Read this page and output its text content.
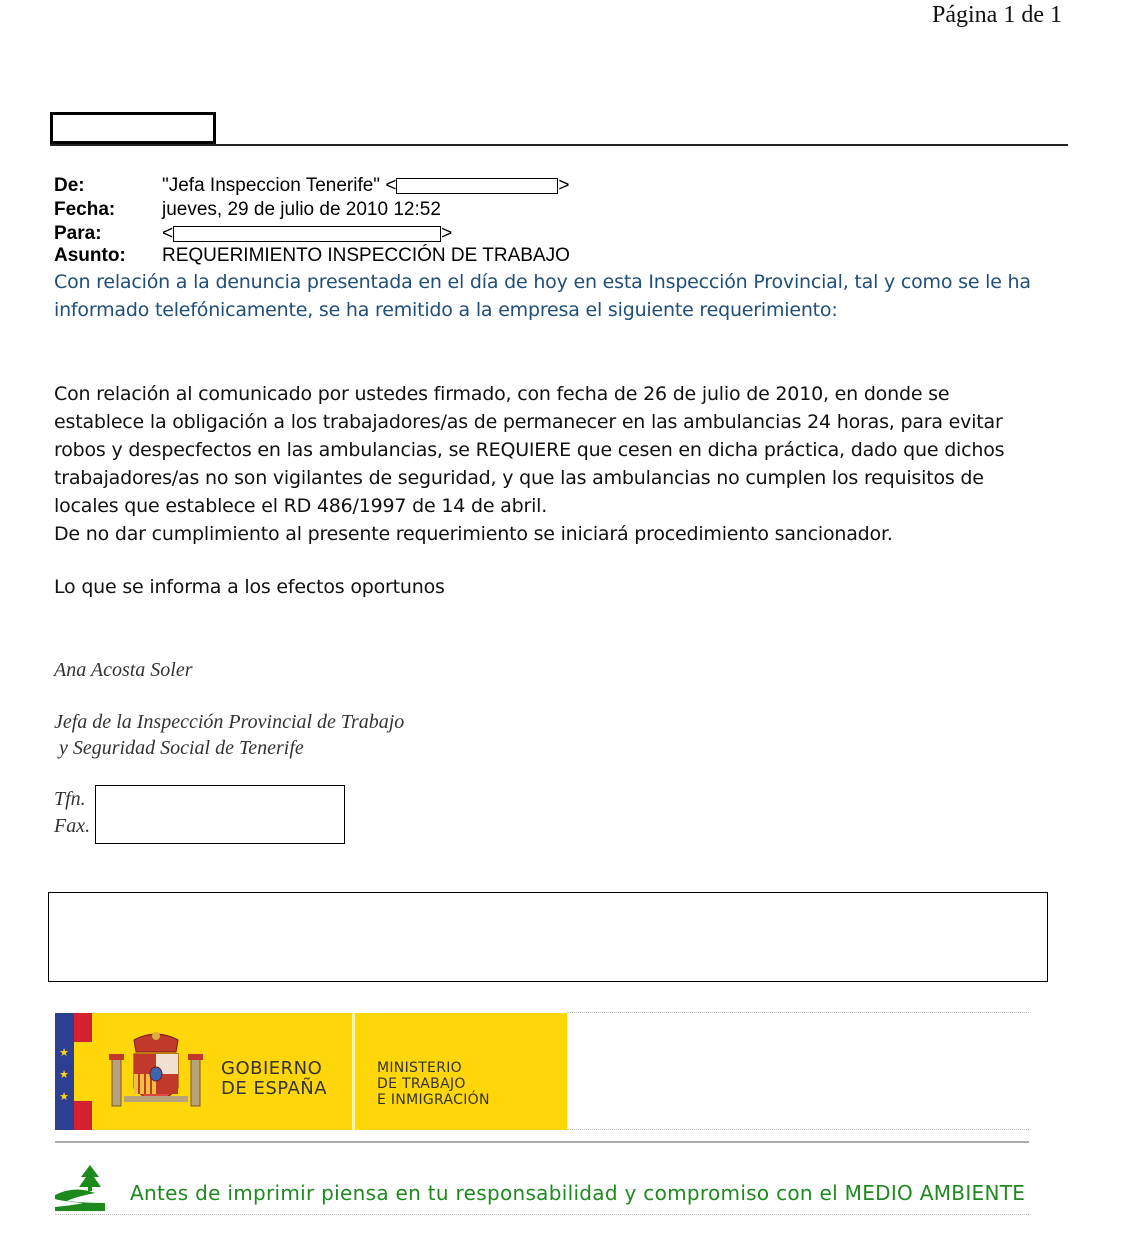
Página 1 de 1
De:	"Jefa Inspeccion Tenerife" <	>
Fecha: jueves, 29 de julio de 2010 12:52
Para:	<	>
Asunto: REQUERIMIENTO INSPECCIÓN DE TRABAJO
Con relación a la denuncia presentada en el día de hoy en esta Inspección Provincial, tal y como se le ha
informado telefónicamente, se ha remitido a la empresa el siguiente requerimiento:
Con relación al comunicado por ustedes firmado, con fecha de 26 de julio de 2010, en donde se
establece la obligación a los trabajadores/as de permanecer en las ambulancias 24 horas, para evitar
robos y despecfectos en las ambulancias, se REQUIERE que cesen en dicha práctica, dado que dichos
trabajadores/as no son vigilantes de seguridad, y que las ambulancias no cumplen los requisitos de
locales que establece el RD 486/1997 de 14 de abril.
De no dar cumplimiento al presente requerimiento se iniciará procedimiento sancionador.
Lo que se informa a los efectos oportunos
Ana Acosta Soler
Jefa de la Inspección Provincial de Trabajo
y Seguridad Social de Tenerife
Tfn.
Fax.
★
★
★
GOBIERNO
DE ESPAÑA
MINISTERIO
DE TRABAJO
E INMIGRACIÓN
Antes de imprimir piensa en tu responsabilidad y compromiso con el MEDIO AMBIENTE
